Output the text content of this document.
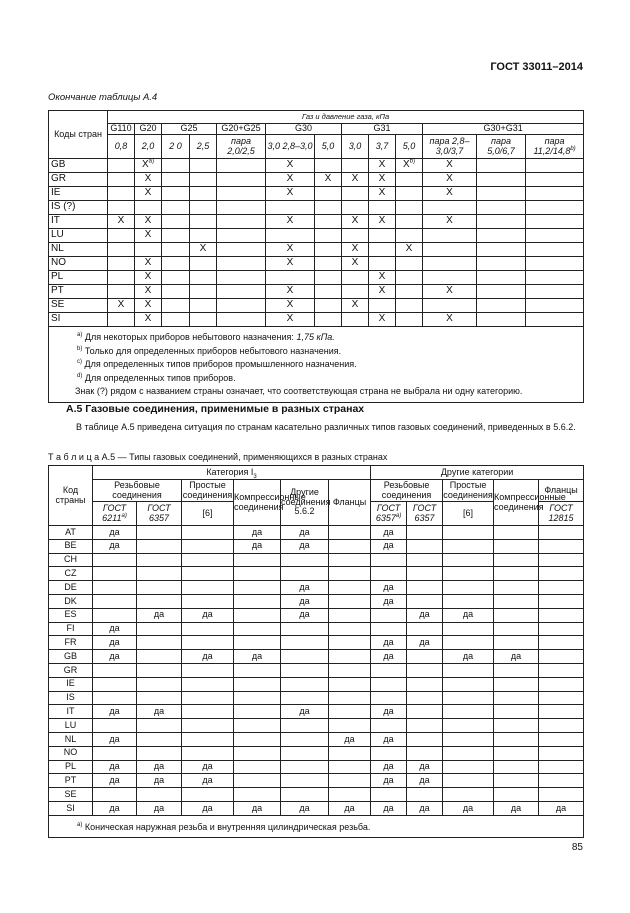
ГОСТ 33011–2014
Окончание таблицы А.4
Коды стран	Газ и давление газа, кПа												
	G110	G20	G25		G20+G25	G30		G31			G30+G31		
	0,8	2,0	2 0	2,5	пара 2,0/2,5	3,0 2,8–3,0	5,0	3,0	3,7	5,0	пара 2,8–3,0/3,7	пара 5,0/6,7	пара 11,2/14,8$^{b)}$
GB		$X^{a)}$				X			X	$X^{b)}$	X		
GR		X				X	X	X	X		X		
IE		X				X			X		X		
IS (?)													
IT	X	X				X		X	X		X		
LU		X											
NL				X		X		X		X			
NO		X				X		X					
PL		X							X				
PT		X				X			X		X		
SE	X	X				X		X					
SI		X				X			X		X		

$^{a)}$ Для некоторых приборов небытового назначения: 1,75 кПа.
$^{b)}$ Только для определенных приборов небытового назначения.
$^{c)}$ Для определенных типов приборов промышленного назначения.
$^{d)}$ Для определенных типов приборов.
Знак (?) рядом с названием страны означает, что соответствующая страна не выбрала ни одну категорию.													
А.5 Газовые соединения, применимые в разных странах
В таблице А.5 приведена ситуация по странам касательно различных типов газовых соединений, приведенных в 5.6.2.
Т а б л и ц а А.5 — Типы газовых соединений, применяющихся в разных странах
Код страны	Категория $I_3$						Другие категории				
	Резьбовые соединения		Простые соединения	Компрессионные соединения	Другие соединения 5.6.2	Фланцы	Резьбовые соединения		Простые соединения	Компрессионные соединения	Фланцы
	ГОСТ 6211$^{a)}$	ГОСТ 6357	[6]				ГОСТ 6357$^{a)}$	ГОСТ 6357	[6]		ГОСТ 12815
AT	да			да	да		да				
BE	да			да	да		да				
CH											
CZ											
DE					да		да				
DK					да		да				
ES		да	да		да			да	да		
FI	да										
FR	да						да	да			
GB	да		да	да			да		да	да	
GR											
IE											
IS											
IT	да	да			да		да				
LU											
NL	да					да	да				
NO											
PL	да	да	да				да	да			
PT	да	да	да				да	да			
SE											
SI	да	да	да	да	да	да	да	да	да	да	да
$^{a)}$ Коническая наружная резьба и внутренняя цилиндрическая резьба.											
85
